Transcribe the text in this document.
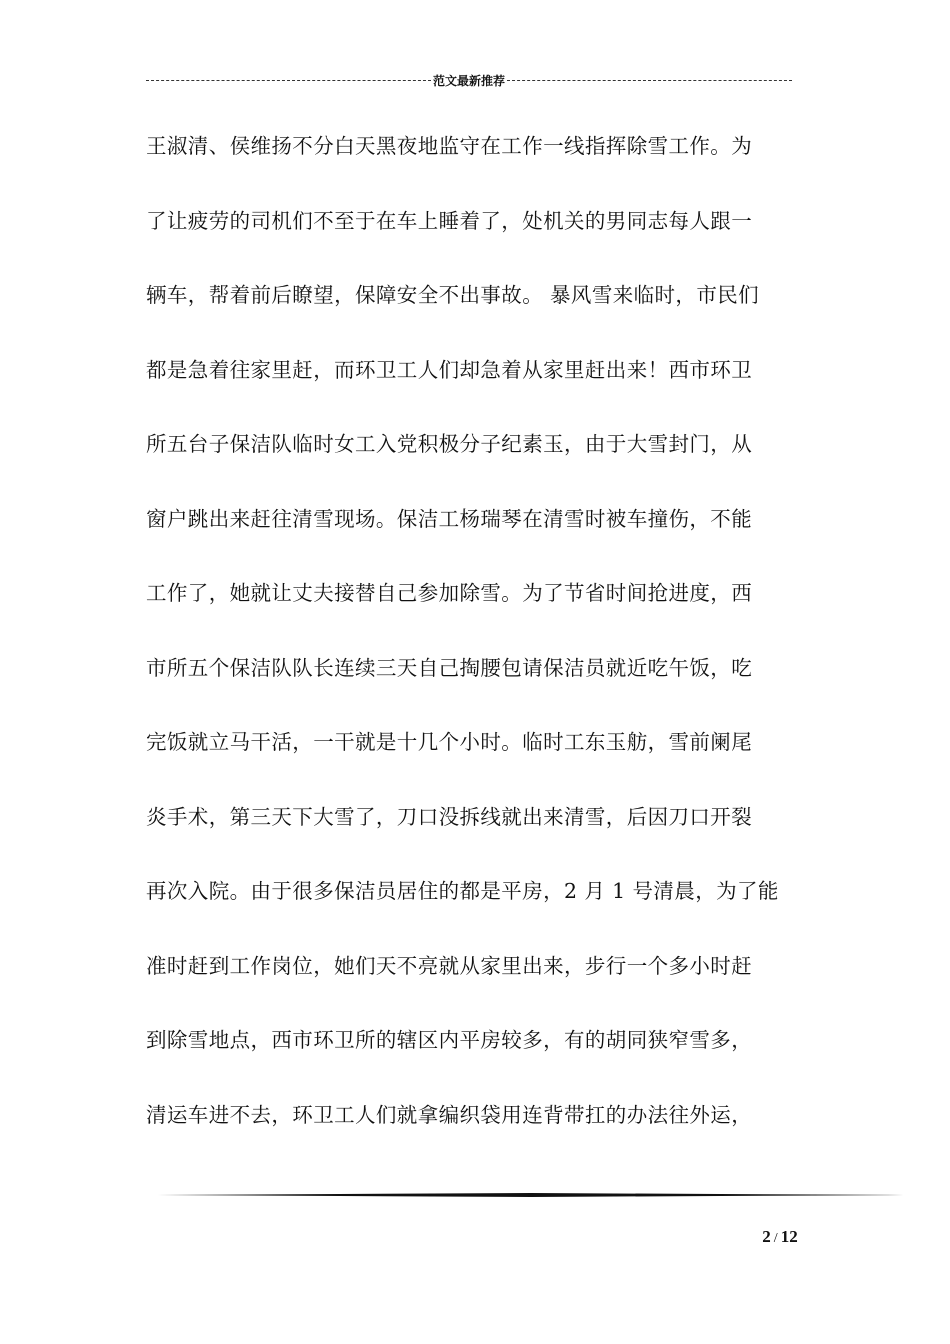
范文最新推荐
王淑清、侯维扬不分白天黑夜地监守在工作一线指挥除雪工作。为
了让疲劳的司机们不至于在车上睡着了，处机关的男同志每人跟一
辆车，帮着前后瞭望，保障安全不出事故。 暴风雪来临时，市民们
都是急着往家里赶，而环卫工人们却急着从家里赶出来！西市环卫
所五台子保洁队临时女工入党积极分子纪素玉，由于大雪封门，从
窗户跳出来赶往清雪现场。保洁工杨瑞琴在清雪时被车撞伤，不能
工作了，她就让丈夫接替自己参加除雪。为了节省时间抢进度，西
市所五个保洁队队长连续三天自己掏腰包请保洁员就近吃午饭，吃
完饭就立马干活，一干就是十几个小时。临时工东玉舫，雪前阑尾
炎手术，第三天下大雪了，刀口没拆线就出来清雪，后因刀口开裂
再次入院。由于很多保洁员居住的都是平房，2 月 1 号清晨，为了能
准时赶到工作岗位，她们天不亮就从家里出来，步行一个多小时赶
到除雪地点，西市环卫所的辖区内平房较多，有的胡同狭窄雪多，
清运车进不去，环卫工人们就拿编织袋用连背带扛的办法往外运，
2 / 12
